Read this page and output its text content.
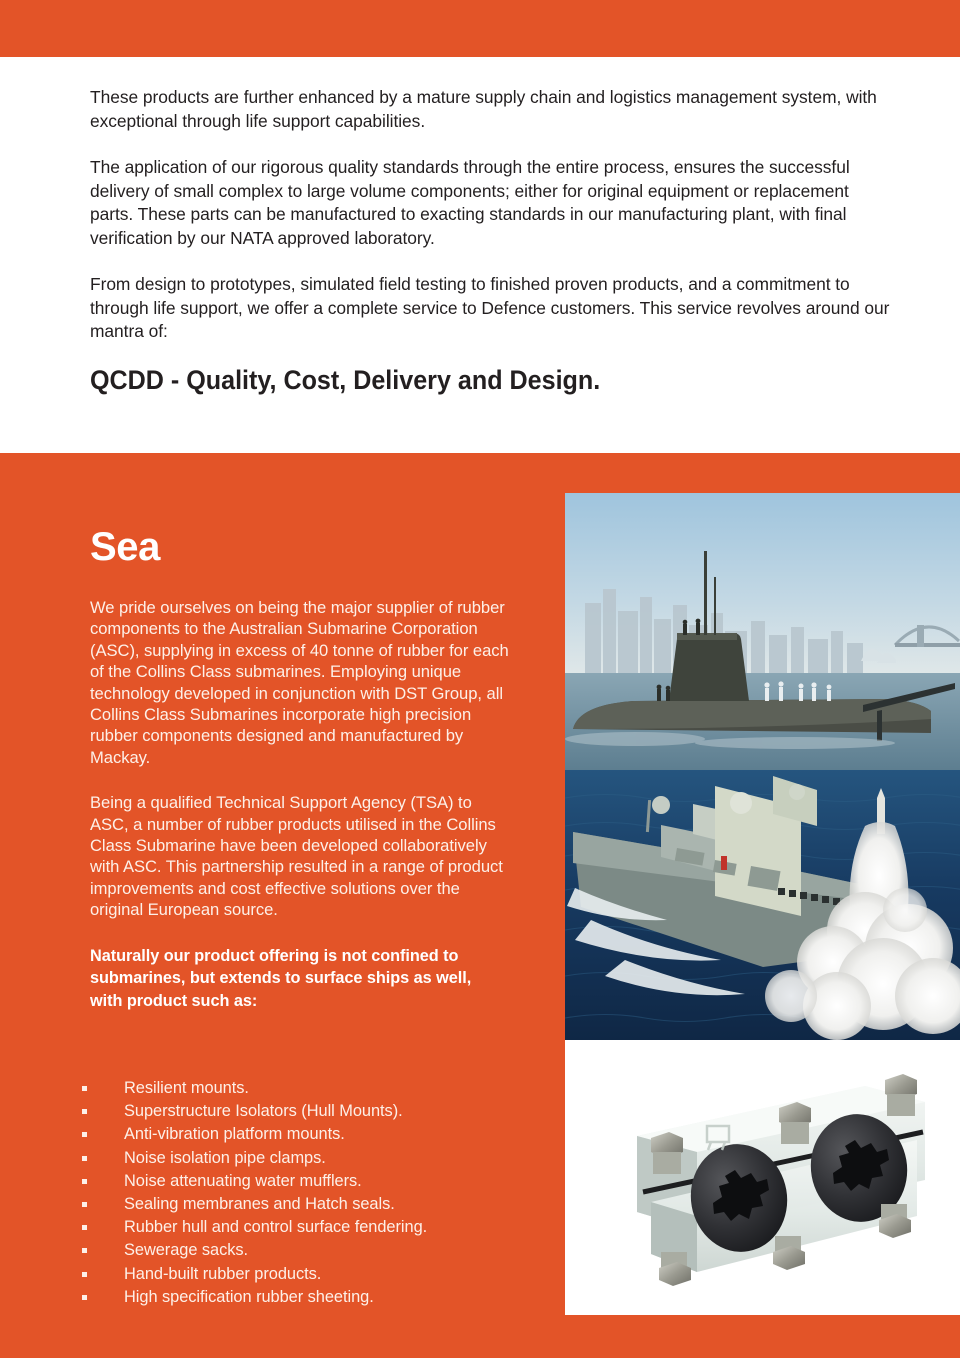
These products are further enhanced by a mature supply chain and logistics management system, with exceptional through life support capabilities.

The application of our rigorous quality standards through the entire process, ensures the successful delivery of small complex to large volume components; either for original equipment or replacement parts. These parts can be manufactured to exacting standards in our manufacturing plant, with final verification by our NATA approved laboratory.

From design to prototypes, simulated field testing to finished proven products, and a commitment to through life support, we offer a complete service to Defence customers. This service revolves around our mantra of:

QCDD - Quality, Cost, Delivery and Design.
Sea

We pride ourselves on being the major supplier of rubber components to the Australian Submarine Corporation (ASC), supplying in excess of 40 tonne of rubber for each of the Collins Class submarines. Employing unique technology developed in conjunction with DST Group, all Collins Class Submarines incorporate high precision rubber components designed and manufactured by Mackay.

Being a qualified Technical Support Agency (TSA) to ASC, a number of rubber products utilised in the Collins Class Submarine have been developed collaboratively with ASC. This partnership resulted in a range of product improvements and cost effective solutions over the original European source.

Naturally our product offering is not confined to submarines, but extends to surface ships as well, with product such as:

Resilient mounts.
Superstructure Isolators (Hull Mounts).
Anti-vibration platform mounts.
Noise isolation pipe clamps.
Noise attenuating water mufflers.
Sealing membranes and Hatch seals.
Rubber hull and control surface fendering.
Sewerage sacks.
Hand-built rubber products.
High specification rubber sheeting.
